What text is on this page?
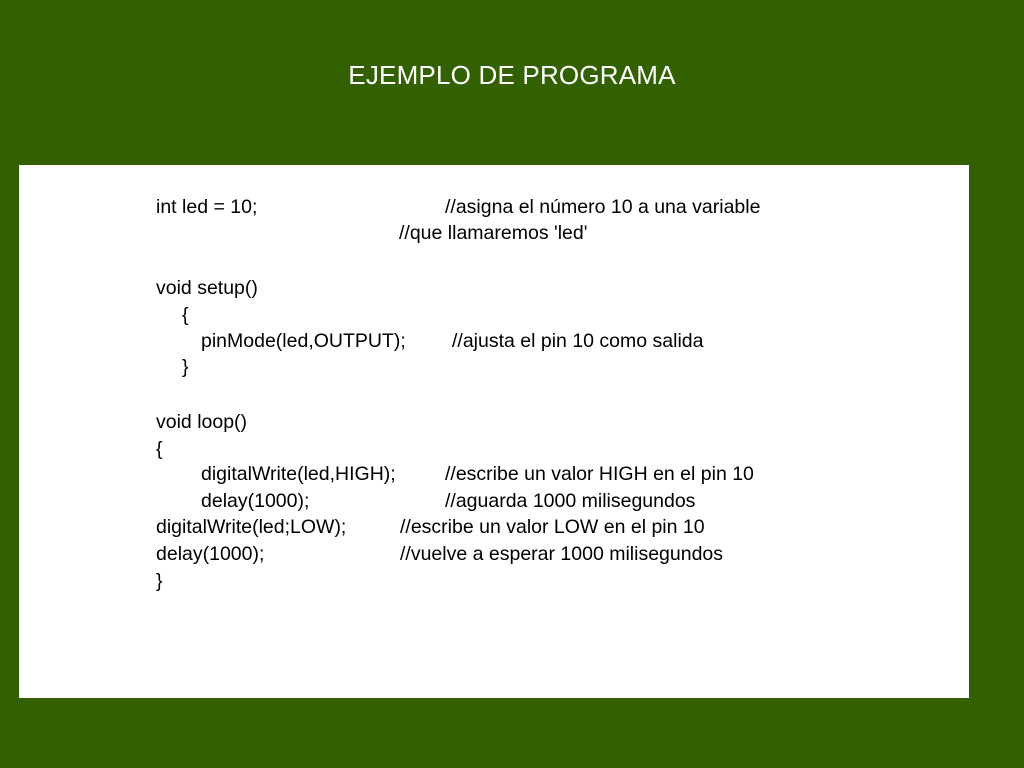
EJEMPLO DE PROGRAMA
int led = 10;	//asigna el número 10 a una variable
//que llamaremos 'led'
void setup()
{
pinMode(led,OUTPUT); //ajusta el pin 10 como salida
}
void loop()
{
digitalWrite(led,HIGH);	//escribe un valor HIGH en el pin 10
delay(1000);	//aguarda 1000 milisegundos
digitalWrite(led;LOW);	//escribe un valor LOW en el pin 10
delay(1000);	//vuelve a esperar 1000 milisegundos
}
